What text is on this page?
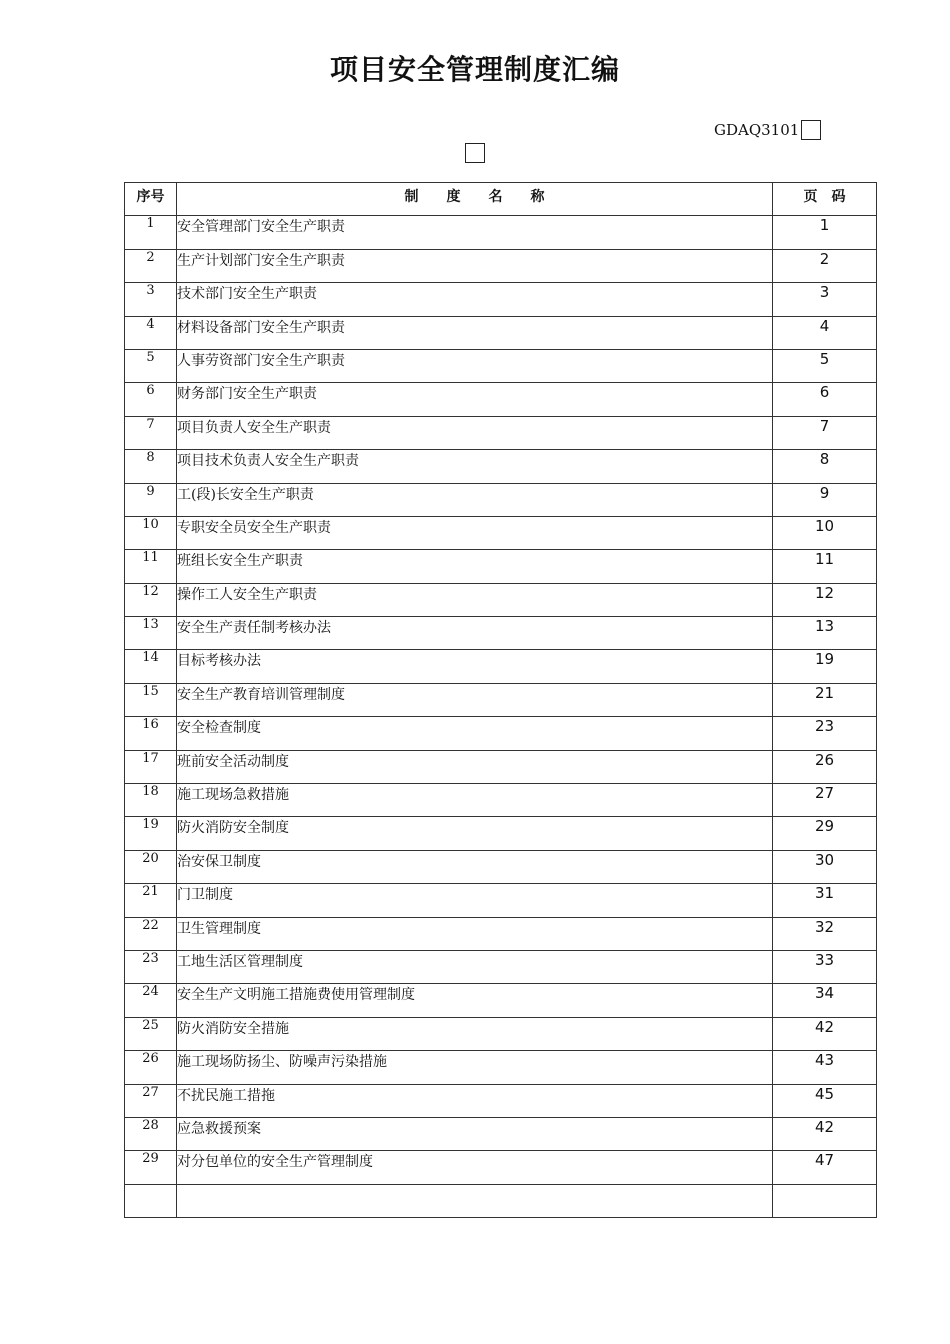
项目安全管理制度汇编
GDAQ3101
序号	制   度   名   称	页  码
1	安全管理部门安全生产职责	1
2	生产计划部门安全生产职责	2
3	技术部门安全生产职责	3
4	材料设备部门安全生产职责	4
5	人事劳资部门安全生产职责	5
6	财务部门安全生产职责	6
7	项目负责人安全生产职责	7
8	项目技术负责人安全生产职责	8
9	工(段)长安全生产职责	9
10	专职安全员安全生产职责	10
11	班组长安全生产职责	11
12	操作工人安全生产职责	12
13	安全生产责任制考核办法	13
14	目标考核办法	19
15	安全生产教育培训管理制度	21
16	安全检查制度	23
17	班前安全活动制度	26
18	施工现场急救措施	27
19	防火消防安全制度	29
20	治安保卫制度	30
21	门卫制度	31
22	卫生管理制度	32
23	工地生活区管理制度	33
24	安全生产文明施工措施费使用管理制度	34
25	防火消防安全措施	42
26	施工现场防扬尘、防噪声污染措施	43
27	不扰民施工措拖	45
28	应急救援预案	42
29	对分包单位的安全生产管理制度	47
